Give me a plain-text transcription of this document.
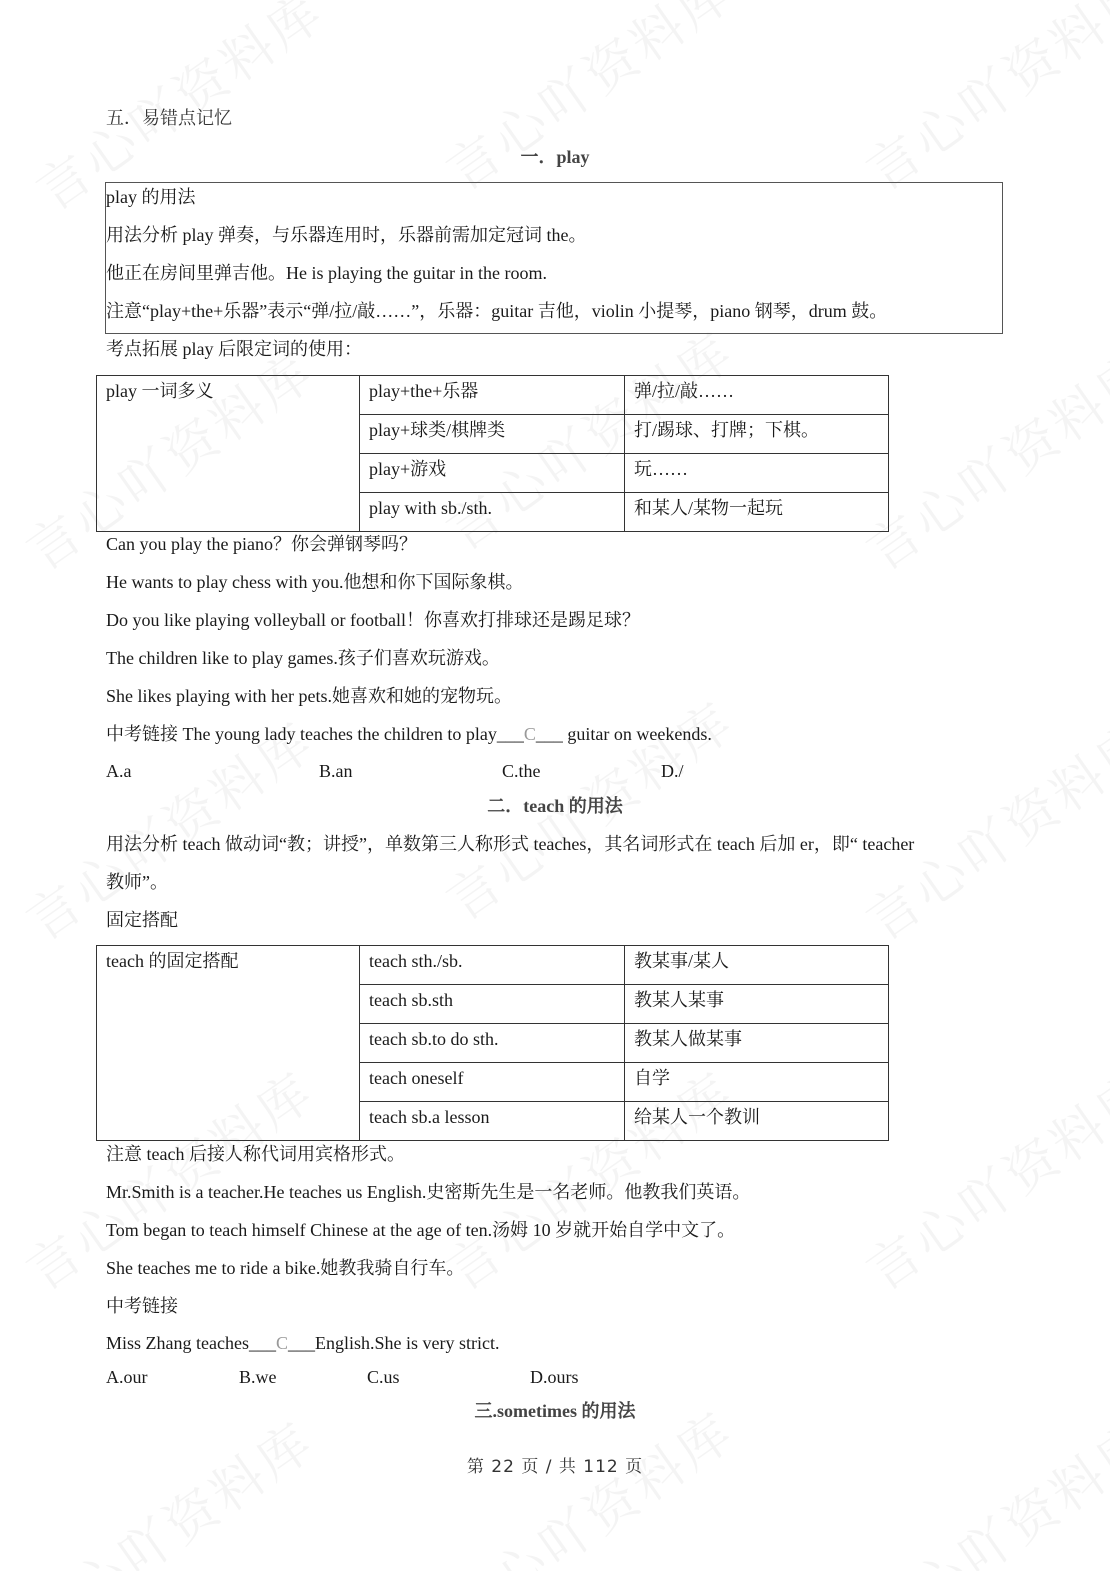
五．易错点记忆
一．play
play 的用法
用法分析 play 弹奏，与乐器连用时，乐器前需加定冠词 the。
他正在房间里弹吉他。He is playing the guitar in the room.
注意“play+the+乐器”表示“弹/拉/敲……”，乐器：guitar 吉他，violin 小提琴，piano 钢琴，drum 鼓。
考点拓展 play 后限定词的使用：
play 一词多义	play+the+乐器	弹/拉/敲……
	play+球类/棋牌类	打/踢球、打牌；下棋。
	play+游戏	玩……
	play with sb./sth.	和某人/某物一起玩
Can you play the piano？你会弹钢琴吗？
He wants to play chess with you.他想和你下国际象棋。
Do you like playing volleyball or football！你喜欢打排球还是踢足球？
The children like to play games.孩子们喜欢玩游戏。
She likes playing with her pets.她喜欢和她的宠物玩。
中考链接 The young lady teaches the children to play___C___ guitar on weekends.
A.a	B.an	C.the	D./
二．teach 的用法
用法分析 teach 做动词“教；讲授”，单数第三人称形式 teaches，其名词形式在 teach 后加 er，即“ teacher
教师”。
固定搭配
teach 的固定搭配	teach sth./sb.	教某事/某人
	teach sb.sth	教某人某事
	teach sb.to do sth.	教某人做某事
	teach oneself	自学
	teach sb.a lesson	给某人一个教训
注意 teach 后接人称代词用宾格形式。
Mr.Smith is a teacher.He teaches us English.史密斯先生是一名老师。他教我们英语。
Tom began to teach himself Chinese at the age of ten.汤姆 10 岁就开始自学中文了。
She teaches me to ride a bike.她教我骑自行车。
中考链接
Miss Zhang teaches___C___English.She is very strict.
A.our	B.we	C.us	D.ours
三.sometimes 的用法
第 22 页 / 共 112 页
